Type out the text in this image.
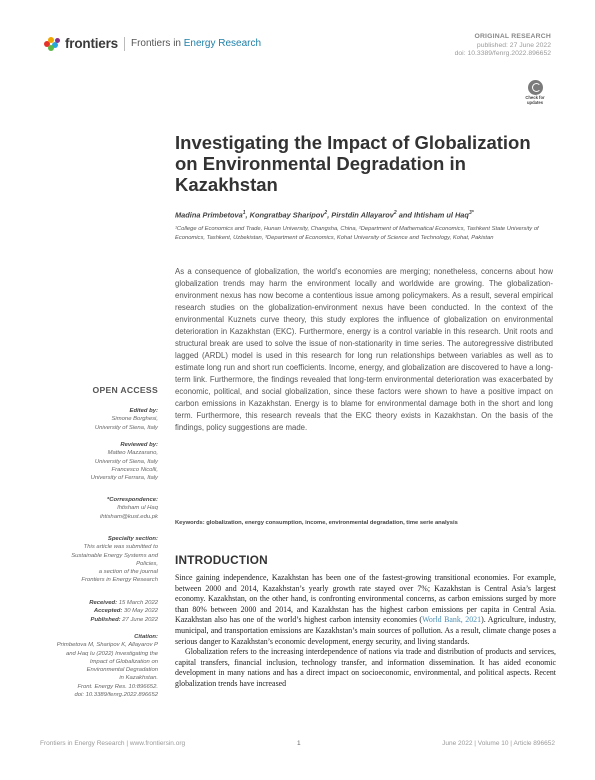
frontiers Frontiers in Energy Research
ORIGINAL RESEARCH
published: 27 June 2022
doi: 10.3389/fenrg.2022.896652
Check for updates
Investigating the Impact of Globalization on Environmental Degradation in Kazakhstan
Madina Primbetova$^1$, Kongratbay Sharipov$^2$, Pirstdin Allayarov$^2$ and Ihtisham ul Haq$^{3*}$
¹College of Economics and Trade, Hunan University, Changsha, China, ²Department of Mathematical Economics, Tashkent State University of Economics, Tashkent, Uzbekistan, ³Department of Economics, Kohat University of Science and Technology, Kohat, Pakistan
As a consequence of globalization, the world’s economies are merging; nonetheless, concerns about how globalization trends may harm the environment locally and worldwide are growing. The globalization-environment nexus has now become a contentious issue among policymakers. As a result, several empirical research studies on the globalization-environment nexus have been conducted. In the context of the environmental Kuznets curve theory, this study explores the influence of globalization on environmental deterioration in Kazakhstan (EKC). Furthermore, energy is a control variable in this research. Unit roots and structural break are used to solve the issue of non-stationarity in time series. The autoregressive distributed lagged (ARDL) model is used in this research for long run relationships between variables as well as to estimate long run and short run coefficients. Income, energy, and globalization are discovered to have a long-term link. Furthermore, the findings revealed that long-term environmental deterioration was exacerbated by economic, political, and social globalization, since these factors were shown to have a positive impact on carbon emissions in Kazakhstan. Energy is to blame for environmental damage both in the short and long term. Furthermore, this research reveals that the EKC theory exists in Kazakhstan. On the basis of the findings, policy suggestions are made.
Keywords: globalization, energy consumption, income, environmental degradation, time serie analysis
OPEN ACCESS
Edited by:
Simone Borghesi,
University of Siena, Italy
Reviewed by:
Matteo Mazzarano,
University of Siena, Italy
Francesco Nicolli,
University of Ferrara, Italy
*Correspondence:
Ihtisham ul Haq
ihtisham@kust.edu.pk
Specialty section:
This article was submitted to
Sustainable Energy Systems and
Policies,
a section of the journal
Frontiers in Energy Research
Received: 15 March 2022
Accepted: 30 May 2022
Published: 27 June 2022
Citation:
Primbetova M, Sharipov K, Allayarov P
and Haq Iu (2022) Investigating the
Impact of Globalization on
Environmental Degradation
in Kazakhstan.
Front. Energy Res. 10:896652.
doi: 10.3389/fenrg.2022.896652
INTRODUCTION

Since gaining independence, Kazakhstan has been one of the fastest-growing transitional economies. For example, between 2000 and 2014, Kazakhstan’s yearly growth rate stayed over 7%; Kazakhstan is Central Asia’s largest economy. Kazakhstan, on the other hand, is confronting environmental concerns, as carbon emissions surged by more than 80% between 2000 and 2014, and Kazakhstan has the highest carbon emissions per capita in Central Asia. Kazakhstan also has one of the world’s highest carbon intensity economies (World Bank, 2021). Agriculture, industry, municipal, and transportation emissions are Kazakhstan’s main sources of pollution. As a result, climate change poses a serious danger to Kazakhstan’s economic development, energy security, and living standards.

Globalization refers to the increasing interdependence of nations via trade and distribution of products and services, capital transfers, financial inclusion, technology transfer, and information dissemination. It has aided economic development in many nations and has a direct impact on socioeconomic, environmental, and political aspects. Recent globalization trends have increased

Frontiers in Energy Research | www.frontiersin.org	1	June 2022 | Volume 10 | Article 896652
